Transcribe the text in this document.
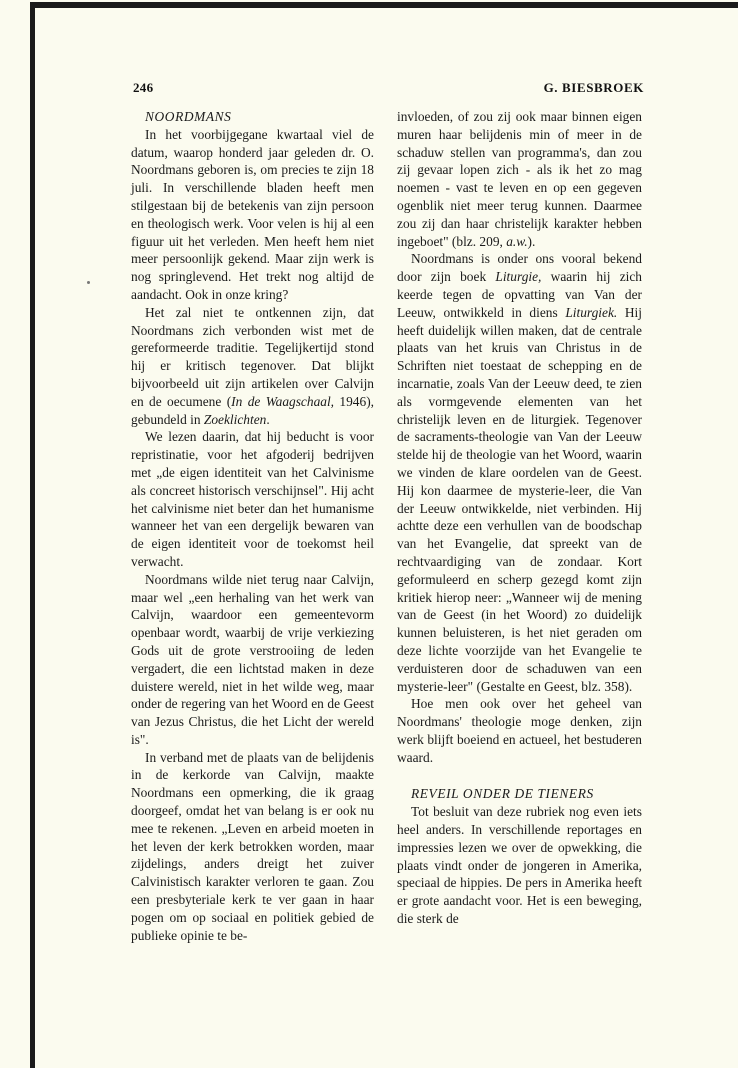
246	G. BIESBROEK

NOORDMANS

In het voorbijgegane kwartaal viel de datum, waarop honderd jaar geleden dr. O. Noordmans geboren is, om precies te zijn 18 juli. In verschillende bladen heeft men stilgestaan bij de betekenis van zijn persoon en theologisch werk. Voor velen is hij al een figuur uit het verleden. Men heeft hem niet meer persoonlijk gekend. Maar zijn werk is nog springlevend. Het trekt nog altijd de aandacht. Ook in onze kring?

Het zal niet te ontkennen zijn, dat Noordmans zich verbonden wist met de gereformeerde traditie. Tegelijkertijd stond hij er kritisch tegenover. Dat blijkt bijvoorbeeld uit zijn artikelen over Calvijn en de oecumene (In de Waagschaal, 1946), gebundeld in Zoeklichten.

We lezen daarin, dat hij beducht is voor repristinatie, voor het afgoderij bedrijven met „de eigen identiteit van het Calvinisme als concreet historisch verschijnsel". Hij acht het calvinisme niet beter dan het humanisme wanneer het van een dergelijk bewaren van de eigen identiteit voor de toekomst heil verwacht.

Noordmans wilde niet terug naar Calvijn, maar wel „een herhaling van het werk van Calvijn, waardoor een gemeentevorm openbaar wordt, waarbij de vrije verkiezing Gods uit de grote verstrooiing de leden vergadert, die een lichtstad maken in deze duistere wereld, niet in het wilde weg, maar onder de regering van het Woord en de Geest van Jezus Christus, die het Licht der wereld is".

In verband met de plaats van de belijdenis in de kerkorde van Calvijn, maakte Noordmans een opmerking, die ik graag doorgeef, omdat het van belang is er ook nu mee te rekenen. „Leven en arbeid moeten in het leven der kerk betrokken worden, maar zijdelings, anders dreigt het zuiver Calvinistisch karakter verloren te gaan. Zou een presbyteriale kerk te ver gaan in haar pogen om op sociaal en politiek gebied de publieke opinie te be-

invloeden, of zou zij ook maar binnen eigen muren haar belijdenis min of meer in de schaduw stellen van programma's, dan zou zij gevaar lopen zich - als ik het zo mag noemen - vast te leven en op een gegeven ogenblik niet meer terug kunnen. Daarmee zou zij dan haar christelijk karakter hebben ingeboet" (blz. 209, a.w.).

Noordmans is onder ons vooral bekend door zijn boek Liturgie, waarin hij zich keerde tegen de opvatting van Van der Leeuw, ontwikkeld in diens Liturgiek. Hij heeft duidelijk willen maken, dat de centrale plaats van het kruis van Christus in de Schriften niet toestaat de schepping en de incarnatie, zoals Van der Leeuw deed, te zien als vormgevende elementen van het christelijk leven en de liturgiek. Tegenover de sacraments-theologie van Van der Leeuw stelde hij de theologie van het Woord, waarin we vinden de klare oordelen van de Geest. Hij kon daarmee de mysterie-leer, die Van der Leeuw ontwikkelde, niet verbinden. Hij achtte deze een verhullen van de boodschap van het Evangelie, dat spreekt van de rechtvaardiging van de zondaar. Kort geformuleerd en scherp gezegd komt zijn kritiek hierop neer: „Wanneer wij de mening van de Geest (in het Woord) zo duidelijk kunnen beluisteren, is het niet geraden om deze lichte voorzijde van het Evangelie te verduisteren door de schaduwen van een mysterie-leer" (Gestalte en Geest, blz. 358).

Hoe men ook over het geheel van Noordmans' theologie moge denken, zijn werk blijft boeiend en actueel, het bestuderen waard.

REVEIL ONDER DE TIENERS

Tot besluit van deze rubriek nog even iets heel anders. In verschillende reportages en impressies lezen we over de opwekking, die plaats vindt onder de jongeren in Amerika, speciaal de hippies. De pers in Amerika heeft er grote aandacht voor. Het is een beweging, die sterk de
